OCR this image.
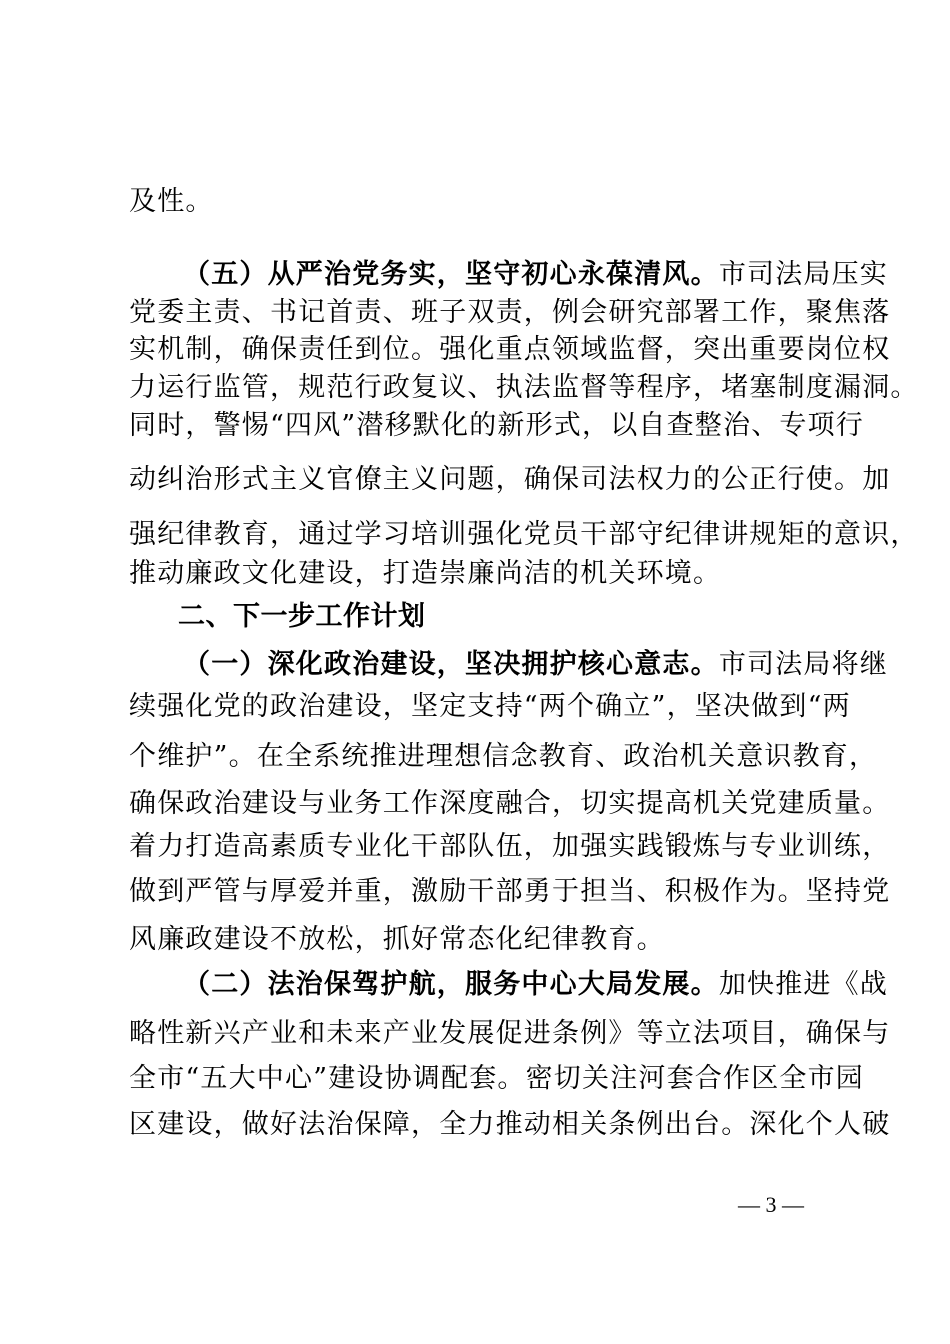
及性。
（五）从严治党务实，坚守初心永葆清风。市司法局压实
党委主责、书记首责、班子双责，例会研究部署工作，聚焦落
实机制，确保责任到位。强化重点领域监督，突出重要岗位权
力运行监管，规范行政复议、执法监督等程序，堵塞制度漏洞。
同时，警惕“四风”潜移默化的新形式，以自查整治、专项行
动纠治形式主义官僚主义问题，确保司法权力的公正行使。加
强纪律教育，通过学习培训强化党员干部守纪律讲规矩的意识，
推动廉政文化建设，打造崇廉尚洁的机关环境。
二、下一步工作计划
（一）深化政治建设，坚决拥护核心意志。市司法局将继
续强化党的政治建设，坚定支持“两个确立”，坚决做到“两
个维护”。在全系统推进理想信念教育、政治机关意识教育，
确保政治建设与业务工作深度融合，切实提高机关党建质量。
着力打造高素质专业化干部队伍，加强实践锻炼与专业训练，
做到严管与厚爱并重，激励干部勇于担当、积极作为。坚持党
风廉政建设不放松，抓好常态化纪律教育。
（二）法治保驾护航，服务中心大局发展。加快推进《战
略性新兴产业和未来产业发展促进条例》等立法项目，确保与
全市“五大中心”建设协调配套。密切关注河套合作区全市园
区建设，做好法治保障，全力推动相关条例出台。深化个人破
— 3 —
